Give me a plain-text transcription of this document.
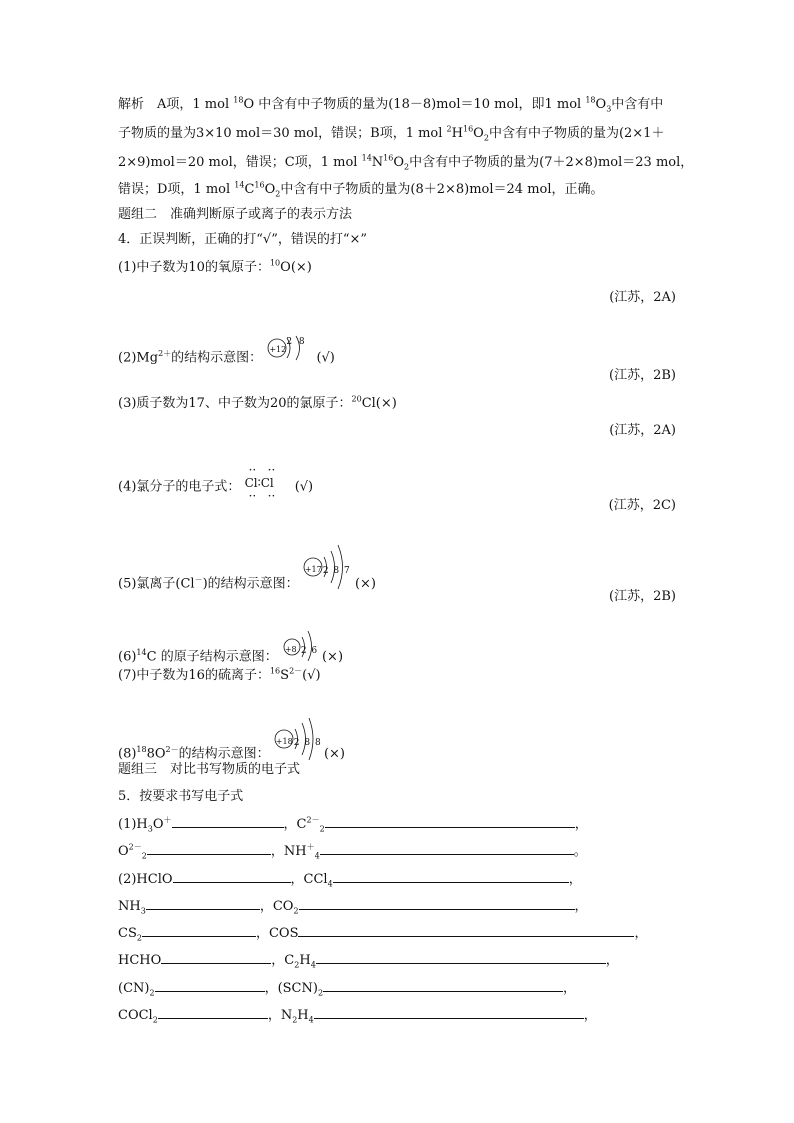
解析　A项，1 mol $^{18}$O 中含有中子物质的量为(18－8)mol＝10 mol，即1 mol $^{18}O_3$中含有中
子物质的量为3×10 mol＝30 mol，错误；B项，1 mol $^2H^{16}O_2$中含有中子物质的量为(2×1＋
2×9)mol＝20 mol，错误；C项，1 mol $^{14}N^{16}O_2$中含有中子物质的量为(7＋2×8)mol＝23 mol，
错误；D项，1 mol $^{14}C^{16}O_2$中含有中子物质的量为(8＋2×8)mol＝24 mol，正确。
题组二　准确判断原子或离子的表示方法
4．正误判断，正确的打“√”，错误的打“×”
(1)中子数为10的氧原子：$^{10}$O(×)
(江苏，2A)
$(2)Mg^{2+}$的结构示意图：
+12
2 8
(√)
(江苏，2B)
(3)质子数为17、中子数为20的氯原子：$^{20}$Cl(×)
(江苏，2A)
(4)氯分子的电子式：
··   ··
Cl∶Cl
··   ··
(√)
(江苏，2C)
(5)氯离子(Cl－)的结构示意图：
+17 2 8 7
(×)
(江苏，2B)
$(6)^{14}C$ 的原子结构示意图： +8 2 6 (×)
(7)中子数为16的硫离子：$^{16}S^{2-}(√)$
$(8)^{18}8O^{2-}$的结构示意图：
+18 2 8 8
(×)
题组三　对比书写物质的电子式
5．按要求书写电子式
$(1)H_3O^+$	，$C^{2-}_2$	，
$O^{2-}_2$	，$NH^+_4$	。
(2)HClO	，CCl$_4$	，
$NH_3$	，$CO_2$	，
$CS_2$	，COS	，
HCHO	，$C_2H_4$	，
$(CN)_2$	，$(SCN)_2$	，
COCl$_2$	，$N_2H_4$	，
